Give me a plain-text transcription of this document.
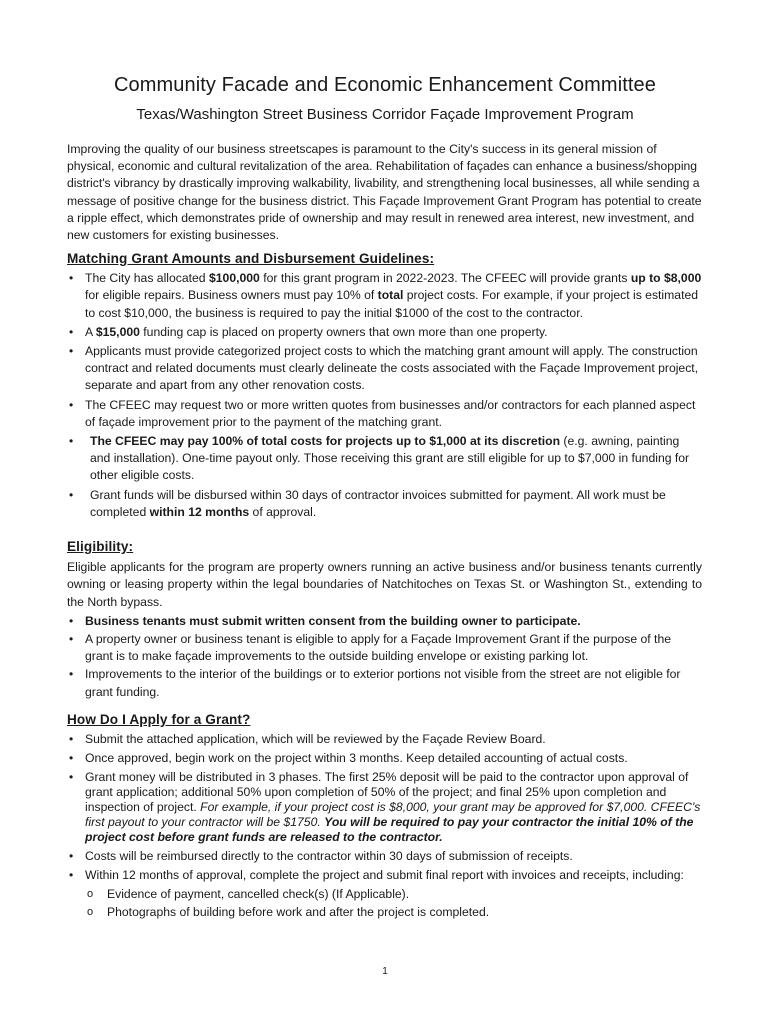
Community Facade and Economic Enhancement Committee
Texas/Washington Street Business Corridor Façade Improvement Program
Improving the quality of our business streetscapes is paramount to the City's success in its general mission of physical, economic and cultural revitalization of the area. Rehabilitation of façades can enhance a business/shopping district's vibrancy by drastically improving walkability, livability, and strengthening local businesses, all while sending a message of positive change for the business district. This Façade Improvement Grant Program has potential to create a ripple effect, which demonstrates pride of ownership and may result in renewed area interest, new investment, and new customers for existing businesses.
Matching Grant Amounts and Disbursement Guidelines:
• The City has allocated $100,000 for this grant program in 2022-2023. The CFEEC will provide grants up to $8,000 for eligible repairs. Business owners must pay 10% of total project costs. For example, if your project is estimated to cost $10,000, the business is required to pay the initial $1000 of the cost to the contractor.
• A $15,000 funding cap is placed on property owners that own more than one property.
• Applicants must provide categorized project costs to which the matching grant amount will apply. The construction contract and related documents must clearly delineate the costs associated with the Façade Improvement project, separate and apart from any other renovation costs.
• The CFEEC may request two or more written quotes from businesses and/or contractors for each planned aspect of façade improvement prior to the payment of the matching grant.
• The CFEEC may pay 100% of total costs for projects up to $1,000 at its discretion (e.g. awning, painting and installation). One-time payout only. Those receiving this grant are still eligible for up to $7,000 in funding for other eligible costs.
• Grant funds will be disbursed within 30 days of contractor invoices submitted for payment. All work must be completed within 12 months of approval.
Eligibility:
Eligible applicants for the program are property owners running an active business and/or business tenants currently owning or leasing property within the legal boundaries of Natchitoches on Texas St. or Washington St., extending to the North bypass.
• Business tenants must submit written consent from the building owner to participate.
• A property owner or business tenant is eligible to apply for a Façade Improvement Grant if the purpose of the grant is to make façade improvements to the outside building envelope or existing parking lot.
• Improvements to the interior of the buildings or to exterior portions not visible from the street are not eligible for grant funding.
How Do I Apply for a Grant?
• Submit the attached application, which will be reviewed by the Façade Review Board.
• Once approved, begin work on the project within 3 months. Keep detailed accounting of actual costs.
• Grant money will be distributed in 3 phases. The first 25% deposit will be paid to the contractor upon approval of grant application; additional 50% upon completion of 50% of the project; and final 25% upon completion and inspection of project. For example, if your project cost is $8,000, your grant may be approved for $7,000. CFEEC's first payout to your contractor will be $1750. You will be required to pay your contractor the initial 10% of the project cost before grant funds are released to the contractor.
• Costs will be reimbursed directly to the contractor within 30 days of submission of receipts.
• Within 12 months of approval, complete the project and submit final report with invoices and receipts, including:
o Evidence of payment, cancelled check(s) (If Applicable).
o Photographs of building before work and after the project is completed.
1
